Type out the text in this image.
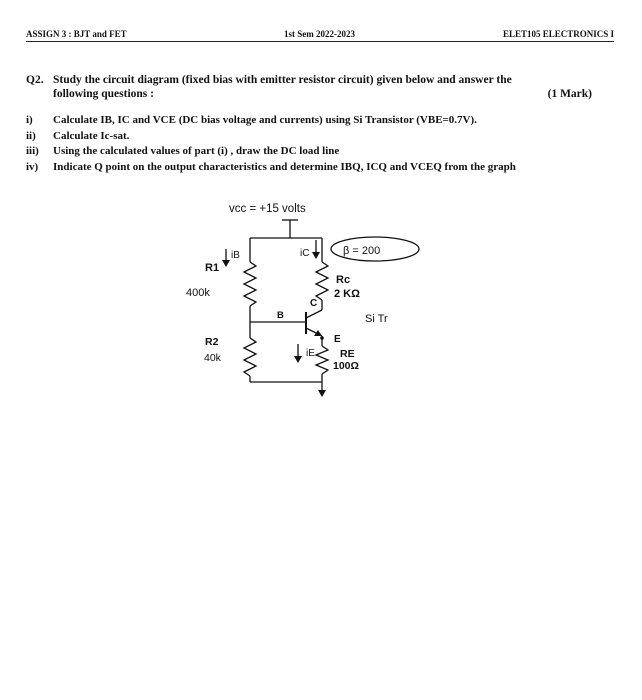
ASSIGN 3 : BJT and FET	1st Sem 2022-2023	ELET105 ELECTRONICS I
Q2. Study the circuit diagram (fixed bias with emitter resistor circuit) given below and answer the
following questions :	(1 Mark)
i)	Calculate IB, IC and VCE (DC bias voltage and currents) using Si Transistor (VBE=0.7V).
ii)	Calculate Ic-sat.
iii)	Using the calculated values of part (i) , draw the DC load line
iv)	Indicate Q point on the output characteristics and determine IBQ, ICQ and VCEQ from the graph
vcc = +15 volts
iB	iC
iE
β = 200
R1
400k
R2
40k
Rc
2 KΩ
C
B
E
RE
100Ω
Si Tr
